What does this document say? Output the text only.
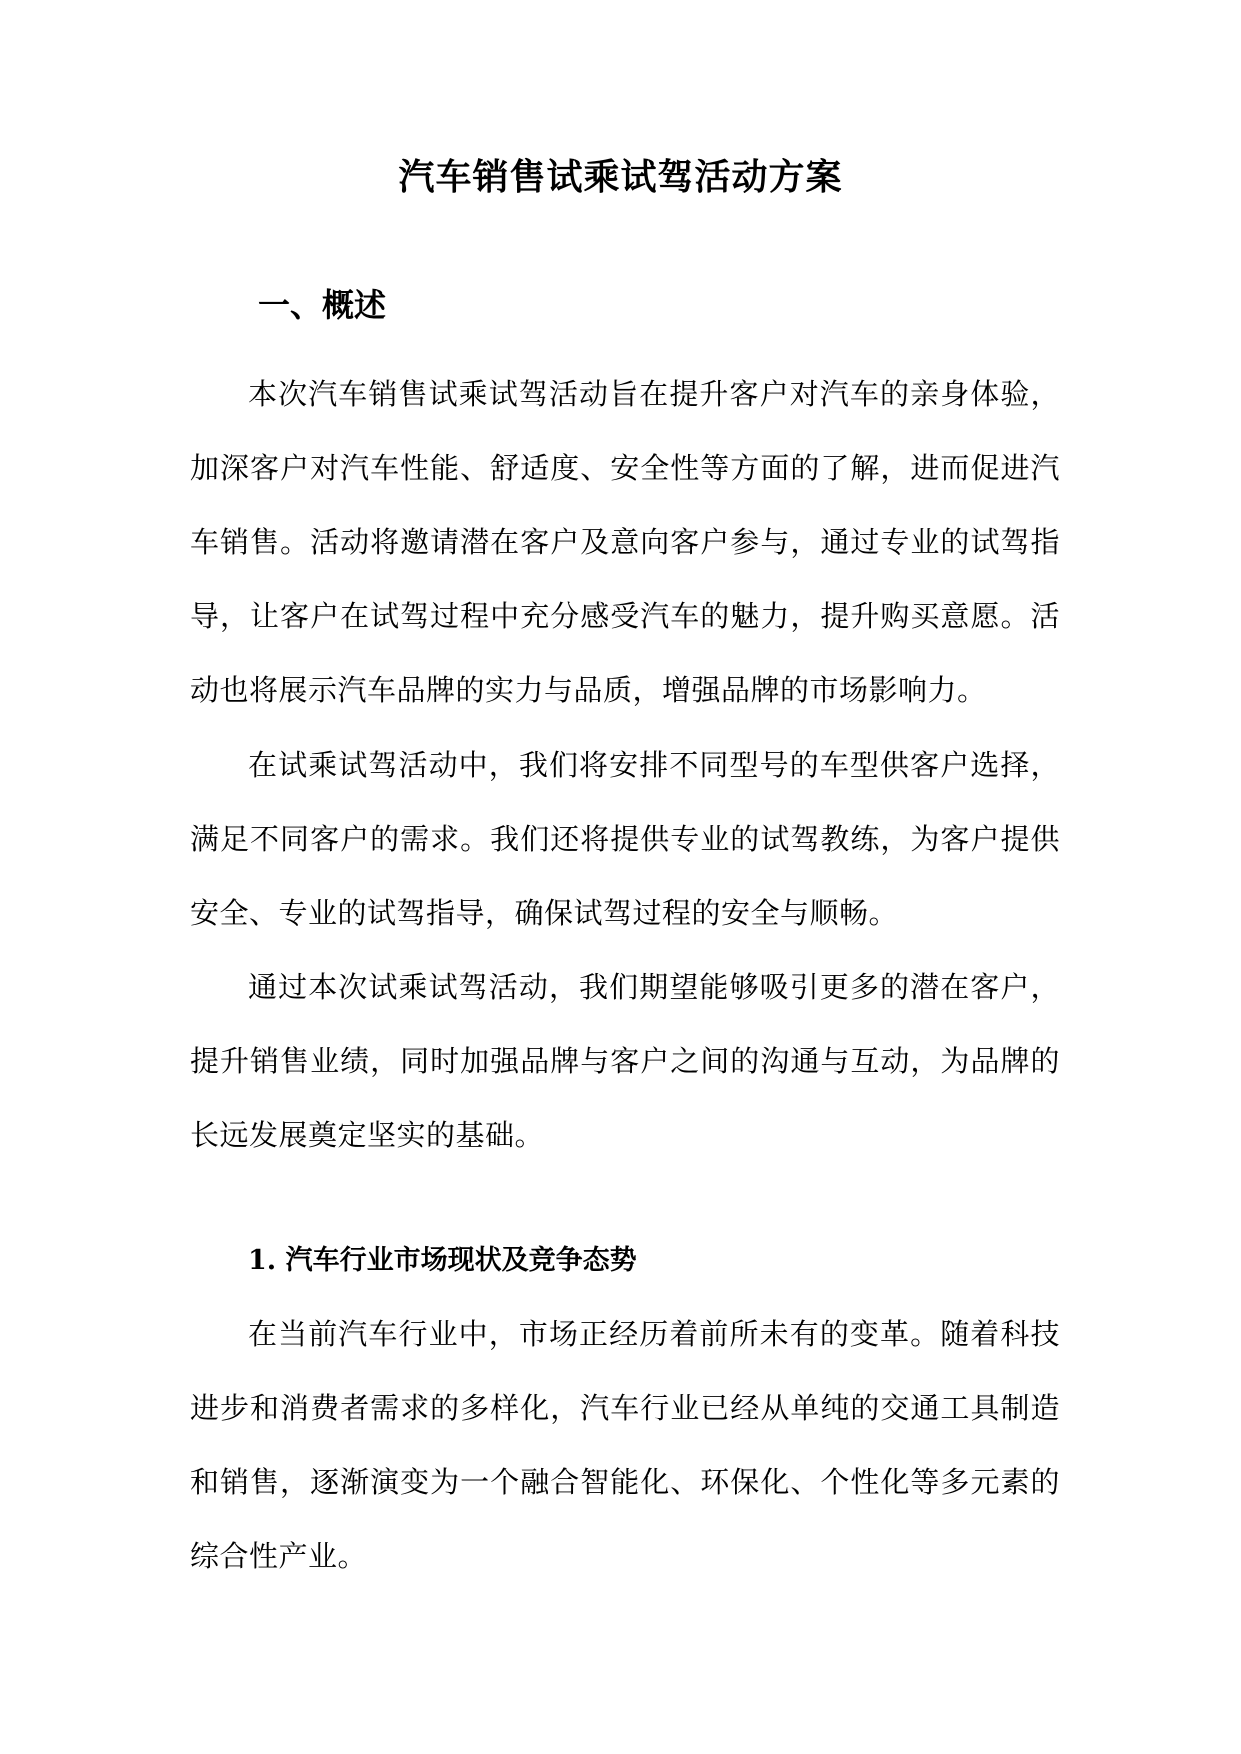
汽车销售试乘试驾活动方案
一、概述

本次汽车销售试乘试驾活动旨在提升客户对汽车的亲身体验，加深客户对汽车性能、舒适度、安全性等方面的了解，进而促进汽车销售。活动将邀请潜在客户及意向客户参与，通过专业的试驾指导，让客户在试驾过程中充分感受汽车的魅力，提升购买意愿。活动也将展示汽车品牌的实力与品质，增强品牌的市场影响力。

在试乘试驾活动中，我们将安排不同型号的车型供客户选择，满足不同客户的需求。我们还将提供专业的试驾教练，为客户提供安全、专业的试驾指导，确保试驾过程的安全与顺畅。

通过本次试乘试驾活动，我们期望能够吸引更多的潜在客户，提升销售业绩，同时加强品牌与客户之间的沟通与互动，为品牌的长远发展奠定坚实的基础。

1. 汽车行业市场现状及竞争态势

在当前汽车行业中，市场正经历着前所未有的变革。随着科技进步和消费者需求的多样化，汽车行业已经从单纯的交通工具制造和销售，逐渐演变为一个融合智能化、环保化、个性化等多元素的综合性产业。
